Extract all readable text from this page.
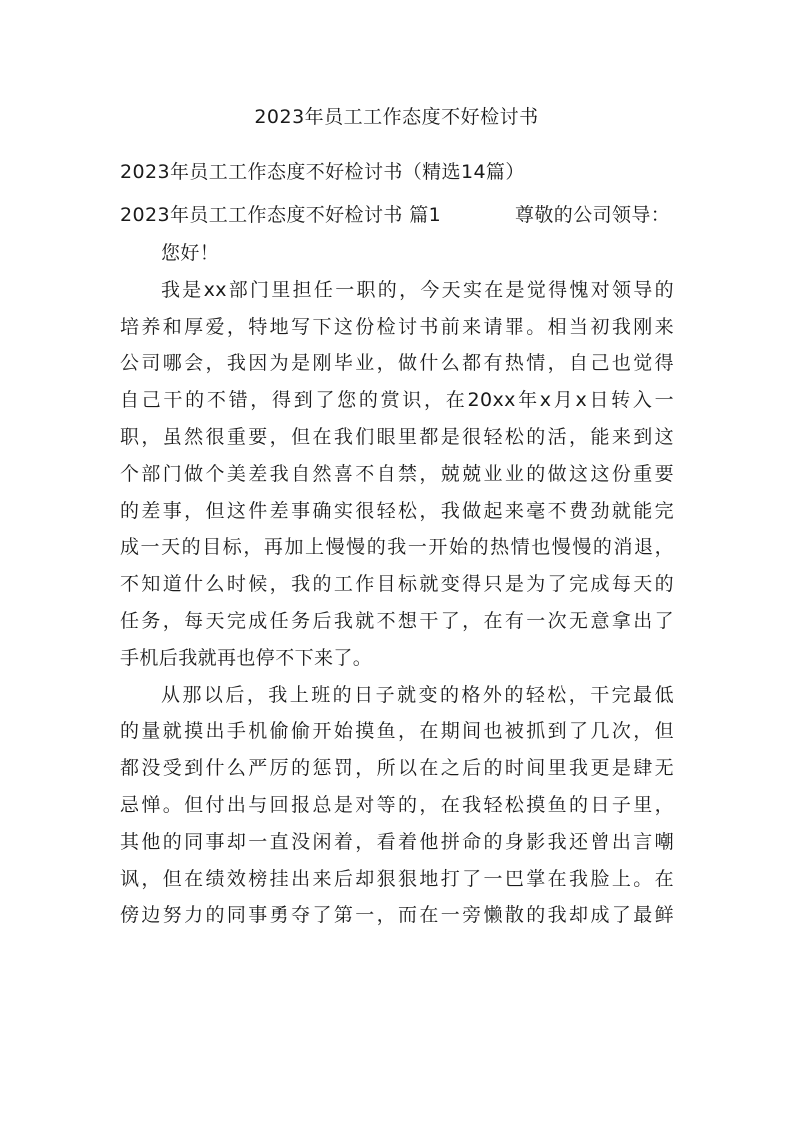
2023年员工工作态度不好检讨书
2023年员工工作态度不好检讨书（精选14篇）
2023年员工工作态度不好检讨书 篇1	尊敬的公司领导：
您好！
我是xx部门里担任一职的，今天实在是觉得愧对领导的
培养和厚爱，特地写下这份检讨书前来请罪。相当初我刚来
公司哪会，我因为是刚毕业，做什么都有热情，自己也觉得
自己干的不错，得到了您的赏识，在20xx年x月x日转入一
职，虽然很重要，但在我们眼里都是很轻松的活，能来到这
个部门做个美差我自然喜不自禁，兢兢业业的做这这份重要
的差事，但这件差事确实很轻松，我做起来毫不费劲就能完
成一天的目标，再加上慢慢的我一开始的热情也慢慢的消退，
不知道什么时候，我的工作目标就变得只是为了完成每天的
任务，每天完成任务后我就不想干了，在有一次无意拿出了
手机后我就再也停不下来了。
从那以后，我上班的日子就变的格外的轻松，干完最低
的量就摸出手机偷偷开始摸鱼，在期间也被抓到了几次，但
都没受到什么严厉的惩罚，所以在之后的时间里我更是肆无
忌惮。但付出与回报总是对等的，在我轻松摸鱼的日子里，
其他的同事却一直没闲着，看着他拼命的身影我还曾出言嘲
讽，但在绩效榜挂出来后却狠狠地打了一巴掌在我脸上。在
傍边努力的同事勇夺了第一，而在一旁懒散的我却成了最鲜
